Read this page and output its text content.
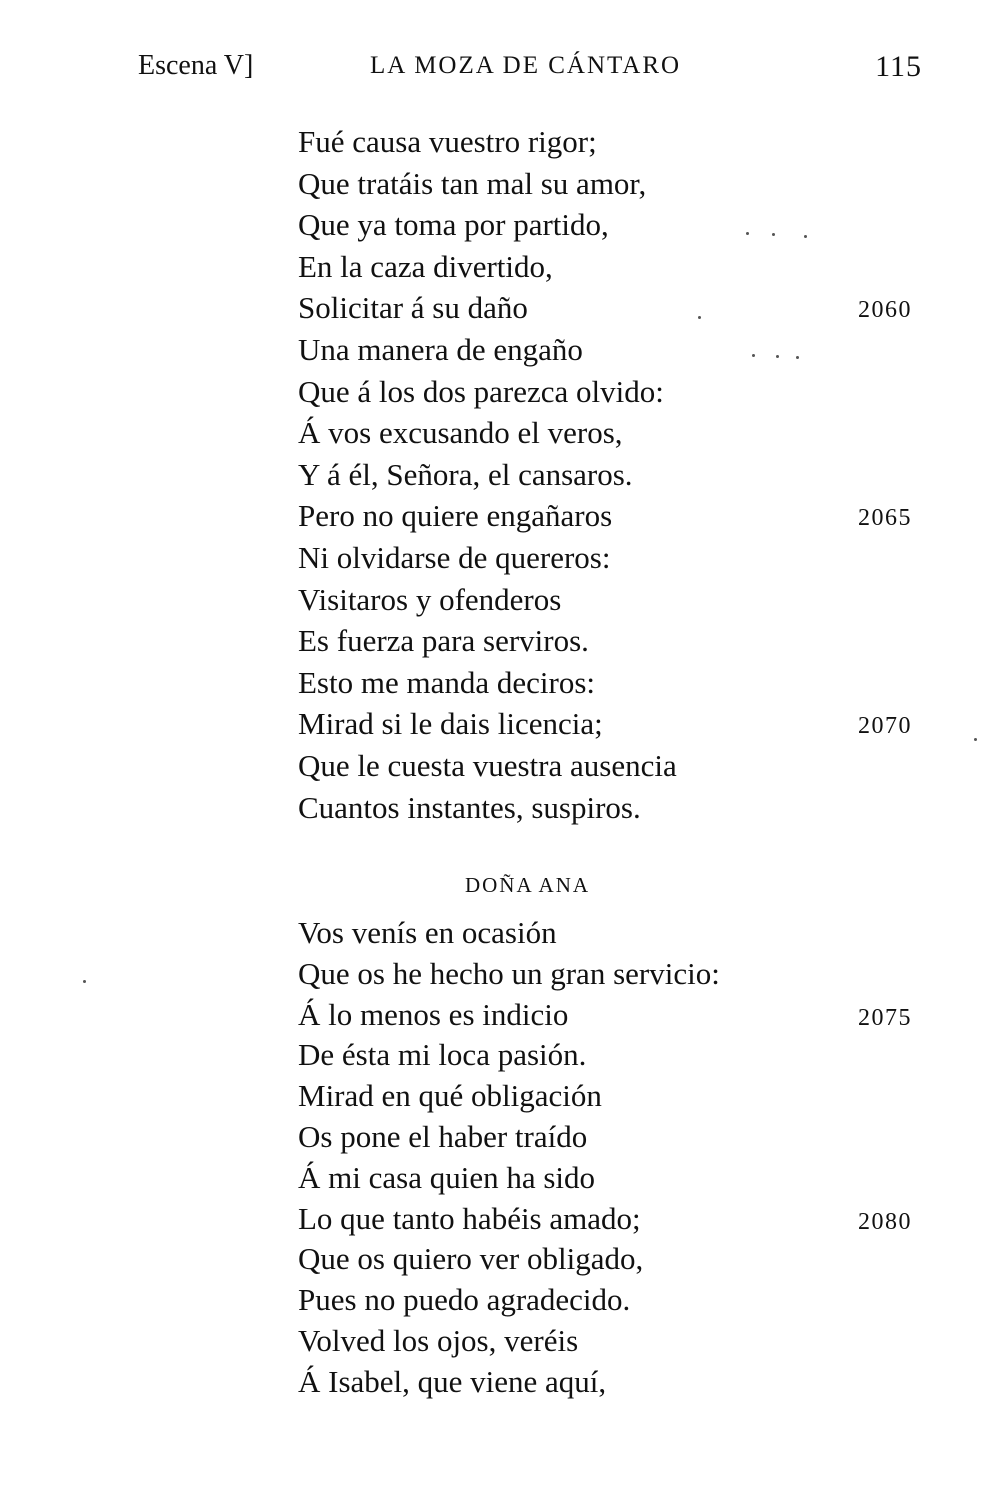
Escena V]	LA MOZA DE CÁNTARO	115
Fué causa vuestro rigor;
Que tratáis tan mal su amor,
Que ya toma por partido,
En la caza divertido,
Solicitar á su daño	2060
Una manera de engaño
Que á los dos parezca olvido:
Á vos excusando el veros,
Y á él, Señora, el cansaros.
Pero no quiere engañaros	2065
Ni olvidarse de quereros:
Visitaros y ofenderos
Es fuerza para serviros.
Esto me manda deciros:
Mirad si le dais licencia;	2070
Que le cuesta vuestra ausencia
Cuantos instantes, suspiros.
DOÑA ANA
Vos venís en ocasión
Que os he hecho un gran servicio:
Á lo menos es indicio	2075
De ésta mi loca pasión.
Mirad en qué obligación
Os pone el haber traído
Á mi casa quien ha sido
Lo que tanto habéis amado;	2080
Que os quiero ver obligado,
Pues no puedo agradecido.
Volved los ojos, veréis
Á Isabel, que viene aquí,
